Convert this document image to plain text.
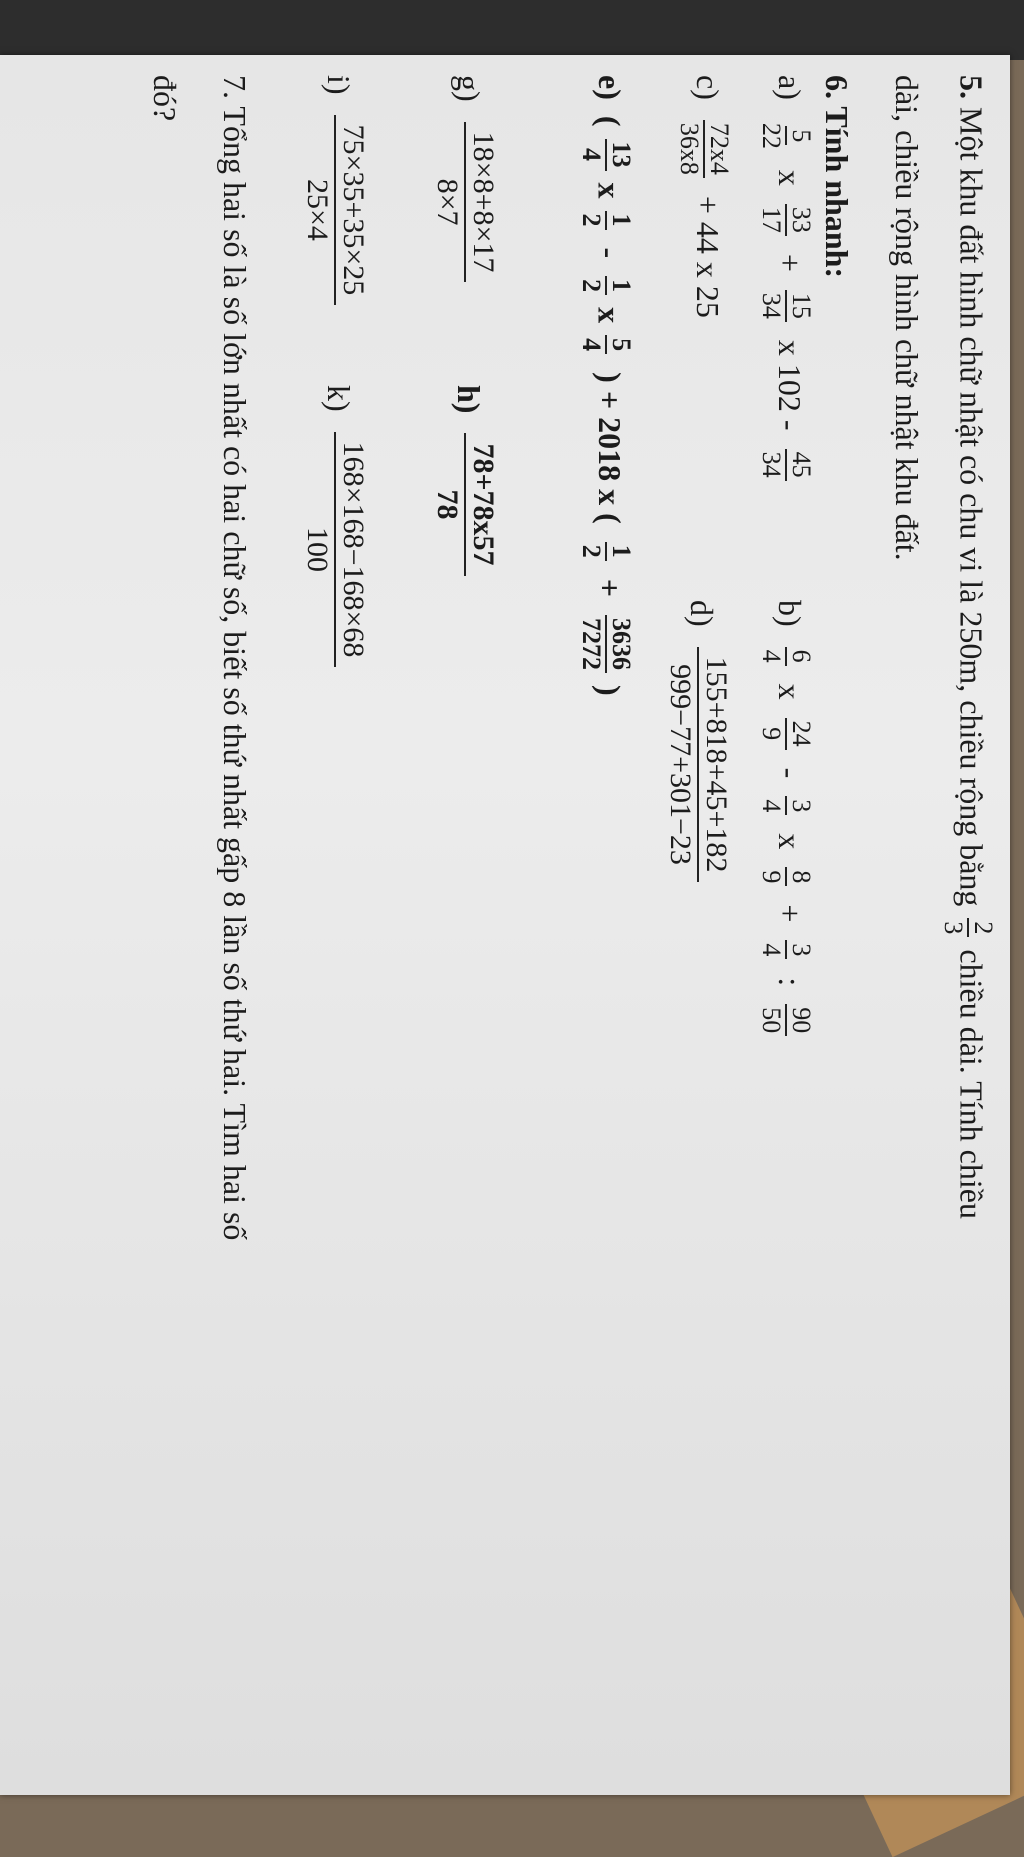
5. Một khu đất hình chữ nhật có chu vi là 250m, chiều rộng bằng
2
3
chiều dài. Tính chiều
dài, chiều rộng hình chữ nhật khu đất.
6. Tính nhanh:
a)
5
22
x
33
17
+
15
34
x 102 -
45
34
b)
6
4
x
24
9
-
3
4
x
8
9
+
3
4
:
90
50
c)
72x4
36x8
+ 44 x 25
d)
155+818+45+182
999−77+301−23
e) (
13
4
x
1
2
-
1
2
x
5
4
) + 2018 x (
1
2
+
3636
7272
)
g)
18×8+8×17
8×7
h)
78+78x57
78
i)
75×35+35×25
25×4
k)
168×168−168×68
100
7. Tổng hai số là số lớn nhất có hai chữ số, biết số thứ nhất gấp 8 lần số thứ hai. Tìm hai số
đó?
